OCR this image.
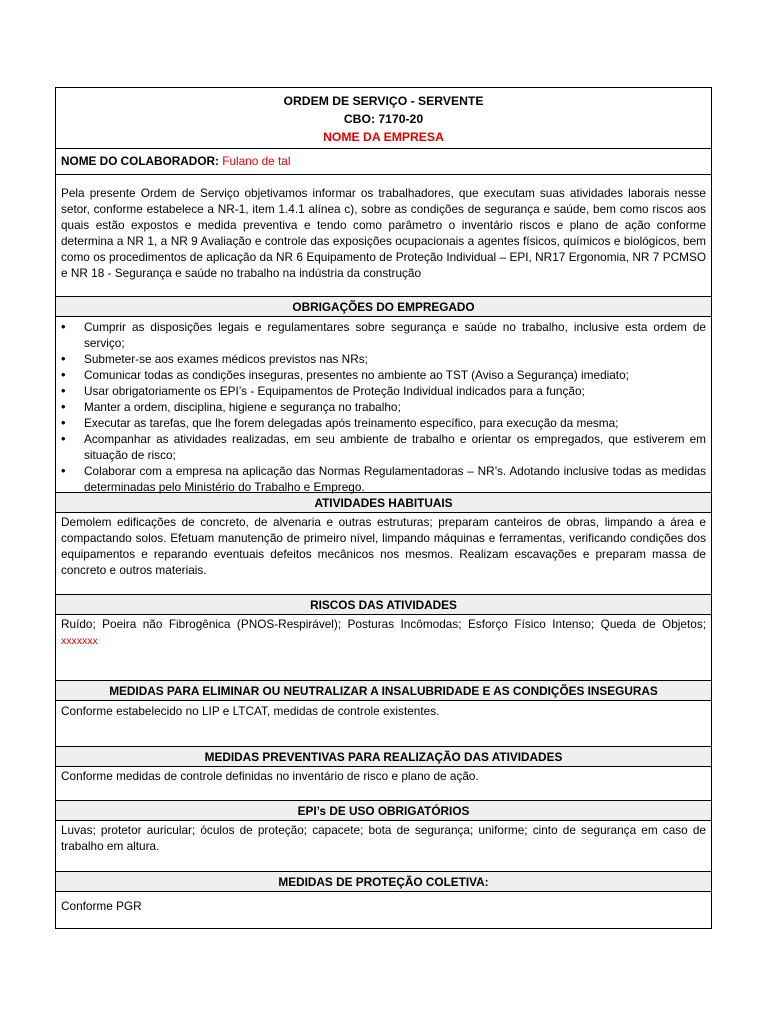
ORDEM DE SERVIÇO - SERVENTE
CBO: 7170-20
NOME DA EMPRESA
NOME DO COLABORADOR: Fulano de tal
Pela presente Ordem de Serviço objetivamos informar os trabalhadores, que executam suas atividades laborais nesse setor, conforme estabelece a NR-1, item 1.4.1 alínea c), sobre as condições de segurança e saúde, bem como riscos aos quais estão expostos e medida preventiva e tendo como parâmetro o inventário riscos e plano de ação conforme determina a NR 1, a NR 9 Avaliação e controle das exposições ocupacionais a agentes físicos, químicos e biológicos, bem como os procedimentos de aplicação da NR 6 Equipamento de Proteção Individual – EPI, NR17 Ergonomia, NR 7 PCMSO e NR 18 - Segurança e saúde no trabalho na indústria da construção
OBRIGAÇÕES DO EMPREGADO
• Cumprir as disposições legais e regulamentares sobre segurança e saúde no trabalho, inclusive esta ordem de serviço;
• Submeter-se aos exames médicos previstos nas NRs;
• Comunicar todas as condições inseguras, presentes no ambiente ao TST (Aviso a Segurança) imediato;
• Usar obrigatoriamente os EPI’s - Equipamentos de Proteção Individual indicados para a função;
• Manter a ordem, disciplina, higiene e segurança no trabalho;
• Executar as tarefas, que lhe forem delegadas após treinamento específico, para execução da mesma;
• Acompanhar as atividades realizadas, em seu ambiente de trabalho e orientar os empregados, que estiverem em situação de risco;
• Colaborar com a empresa na aplicação das Normas Regulamentadoras – NR’s. Adotando inclusive todas as medidas determinadas pelo Ministério do Trabalho e Emprego.
ATIVIDADES HABITUAIS
Demolem edificações de concreto, de alvenaria e outras estruturas; preparam canteiros de obras, limpando a área e compactando solos. Efetuam manutenção de primeiro nível, limpando máquinas e ferramentas, verificando condições dos equipamentos e reparando eventuais defeitos mecânicos nos mesmos. Realizam escavações e preparam massa de concreto e outros materiais.
RISCOS DAS ATIVIDADES
Ruído; Poeira não Fibrogênica (PNOS-Respirável); Posturas Incômodas; Esforço Físico Intenso; Queda de Objetos; xxxxxxx
MEDIDAS PARA ELIMINAR OU NEUTRALIZAR A INSALUBRIDADE E AS CONDIÇÕES INSEGURAS
Conforme estabelecido no LIP e LTCAT, medidas de controle existentes.
MEDIDAS PREVENTIVAS PARA REALIZAÇÃO DAS ATIVIDADES
Conforme medidas de controle definidas no inventário de risco e plano de ação.
EPI’s DE USO OBRIGATÓRIOS
Luvas; protetor auricular; óculos de proteção; capacete; bota de segurança; uniforme; cinto de segurança em caso de trabalho em altura.
MEDIDAS DE PROTEÇÃO COLETIVA:
Conforme PGR
